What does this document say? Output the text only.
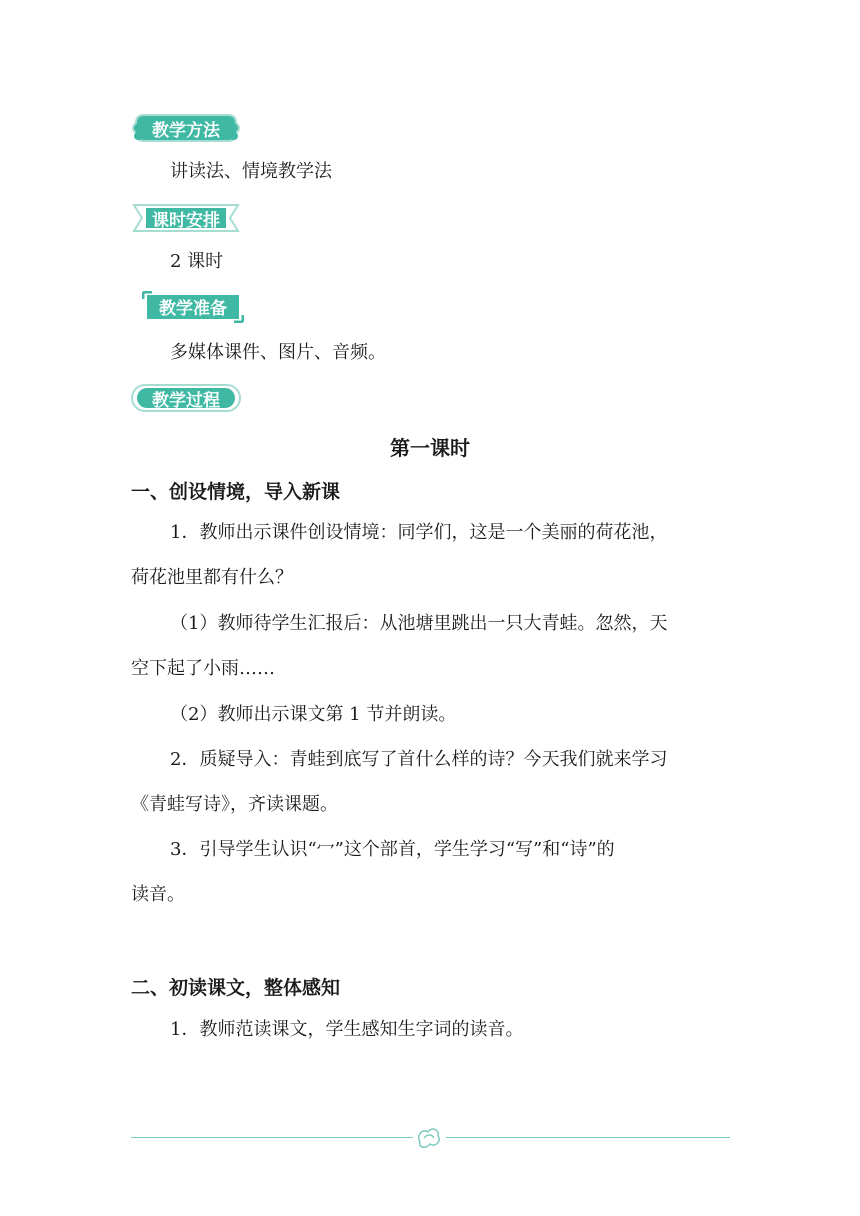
教学方法
讲读法、情境教学法
课时安排
2 课时
教学准备
多媒体课件、图片、音频。
教学过程
第一课时
一、创设情境，导入新课
1．教师出示课件创设情境：同学们，这是一个美丽的荷花池，
荷花池里都有什么？
（1）教师待学生汇报后：从池塘里跳出一只大青蛙。忽然，天
空下起了小雨……
（2）教师出示课文第 1 节并朗读。
2．质疑导入：青蛙到底写了首什么样的诗？今天我们就来学习
《青蛙写诗》，齐读课题。
3．引导学生认识“冖”这个部首，学生学习“写”和“诗”的
读音。
二、初读课文，整体感知
1．教师范读课文，学生感知生字词的读音。
